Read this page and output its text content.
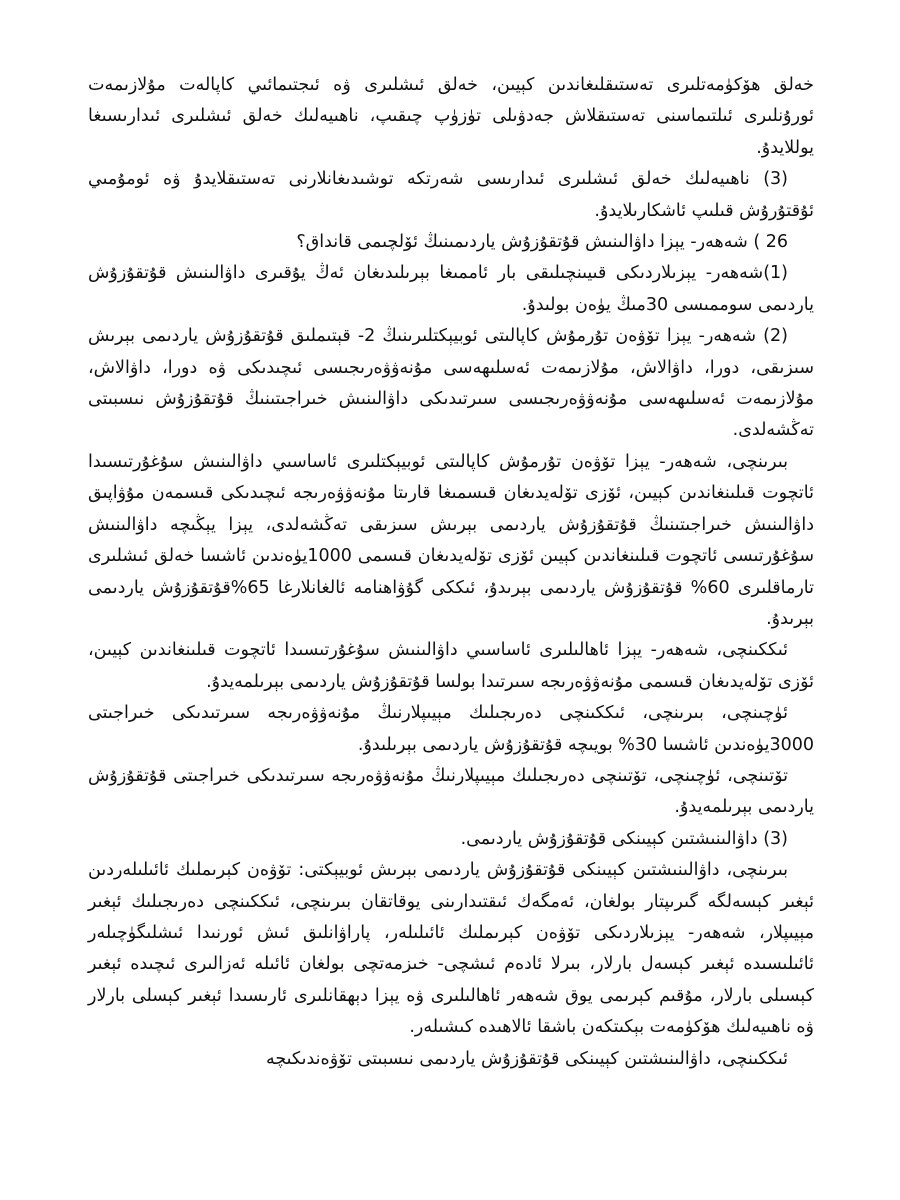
خەلق ھۆكۈمەتلىرى تەستىقلىغاندىن كېيىن، خەلق ئىشلىرى ۋە ئىجتىمائىي كاپالەت مۇلازىمەت ئورۇنلىرى ئىلتىماسنى تەستىقلاش جەدۋىلى تۈزۈپ چىقىپ، ناھىيەلىك خەلق ئىشلىرى ئىدارىسىغا يوللايدۇ.

(3) ناھىيەلىك خەلق ئىشلىرى ئىدارىسى شەرتكە توشىدىغانلارنى تەستىقلايدۇ ۋە ئومۇمىي ئۇقتۇرۇش قىلىپ ئاشكارىلايدۇ.

26 ) شەھەر- يېزا داۋالىنىش قۇتقۇزۇش ياردىمىنىڭ ئۆلچىمى قانداق؟

(1)شەھەر- يېزىلاردىكى قىيىنچىلىقى بار ئاممىغا بېرىلىدىغان ئەڭ يۇقىرى داۋالىنىش قۇتقۇزۇش ياردىمى سوممىسى 30مىڭ يۈەن بولىدۇ.

(2) شەھەر- يېزا تۆۋەن تۇرمۇش كاپالىتى ئوبيېكتلىرىنىڭ 2- قېتىملىق قۇتقۇزۇش ياردىمى بېرىش سىزىقى، دورا، داۋالاش، مۇلازىمەت ئەسلىھەسى مۇنەۋۋەرىجىسى ئىچىدىكى ۋە دورا، داۋالاش، مۇلازىمەت ئەسلىھەسى مۇنەۋۋەرىجىسى سىرتىدىكى داۋالىنىش خىراجىتىنىڭ قۇتقۇزۇش نىسبىتى تەڭشەلدى.

بىرىنچى، شەھەر- يېزا تۆۋەن تۇرمۇش كاپالىتى ئوبيېكتلىرى ئاساسىي داۋالىنىش سۇغۇرتىسىدا ئاتچوت قىلىنغاندىن كېيىن، ئۆزى تۆلەيدىغان قىسمىغا قارىتا مۇنەۋۋەرىجە ئىچىدىكى قىسمەن مۇۋاپىق داۋالىنىش خىراجىتىنىڭ قۇتقۇزۇش ياردىمى بېرىش سىزىقى تەڭشەلدى، يېزا يېڭىچە داۋالىنىش سۇغۇرتىسى ئاتچوت قىلىنغاندىن كېيىن ئۆزى تۆلەيدىغان قىسمى 1000يۈەندىن ئاشسا خەلق ئىشلىرى تارماقلىرى 60% قۇتقۇزۇش ياردىمى بېرىدۇ، ئىككى گۇۋاھنامە ئالغانلارغا 65%قۇتقۇزۇش ياردىمى بېرىدۇ.

ئىككىنچى، شەھەر- يېزا ئاھالىلىرى ئاساسىي داۋالىنىش سۇغۇرتىسىدا ئاتچوت قىلىنغاندىن كېيىن، ئۆزى تۆلەيدىغان قىسمى مۇنەۋۋەرىجە سىرتىدا بولسا قۇتقۇزۇش ياردىمى بېرىلمەيدۇ.

ئۈچىنچى، بىرىنچى، ئىككىنچى دەرىجىلىك مېيىپلارنىڭ مۇنەۋۋەرىجە سىرتىدىكى خىراجىتى 3000يۈەندىن ئاشسا 30% بويىچە قۇتقۇزۇش ياردىمى بېرىلىدۇ.

تۆتىنچى، ئۈچىنچى، تۆتىنچى دەرىجىلىك مېيىپلارنىڭ مۇنەۋۋەرىجە سىرتىدىكى خىراجىتى قۇتقۇزۇش ياردىمى بېرىلمەيدۇ.

(3) داۋالىنىشتىن كېيىنكى قۇتقۇزۇش ياردىمى.

بىرىنچى، داۋالىنىشتىن كېيىنكى قۇتقۇزۇش ياردىمى بېرىش ئوبيېكتى: تۆۋەن كېرىملىك ئائىلىلەردىن ئېغىر كېسەلگە گىرىپتار بولغان، ئەمگەك ئىقتىدارىنى يوقاتقان بىرىنچى، ئىككىنچى دەرىجىلىك ئېغىر مېيىپلار، شەھەر- يېزىلاردىكى تۆۋەن كېرىملىك ئائىلىلەر، پاراۋانلىق ئىش ئورنىدا ئىشلىگۈچىلەر ئائىلىسىدە ئېغىر كېسەل بارلار، بىرلا ئادەم ئىشچى- خىزمەتچى بولغان ئائىلە ئەزالىرى ئىچىدە ئېغىر كېسىلى بارلار، مۇقىم كېرىمى يوق شەھەر ئاھالىلىرى ۋە يېزا دېھقانلىرى ئارىسىدا ئېغىر كېسلى بارلار ۋە ناھىيەلىك ھۆكۈمەت بېكىتكەن باشقا ئالاھىدە كىشىلەر.

ئىككىنچى، داۋالىنىشتىن كېيىنكى قۇتقۇزۇش ياردىمى نىسبىتى تۆۋەندىكىچە
